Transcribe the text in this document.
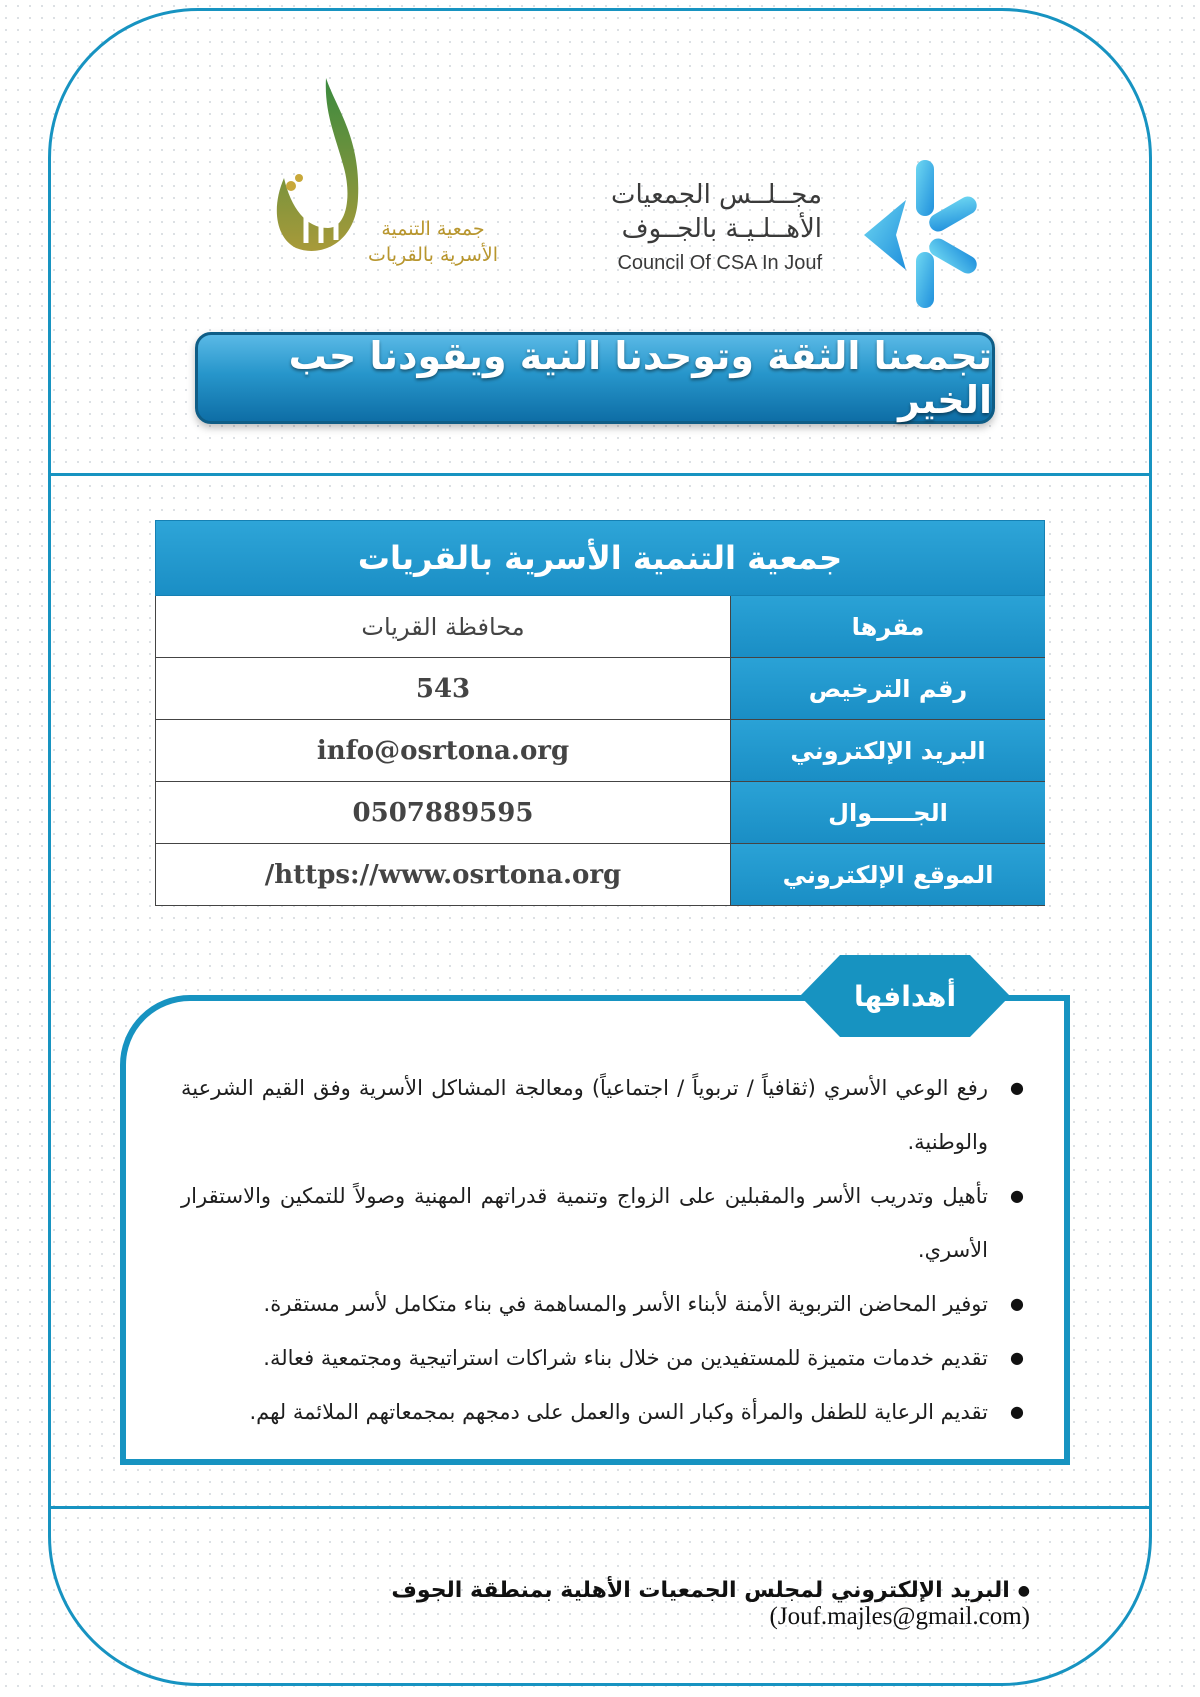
جمعية التنمية
الأسرية بالقريات
مجــلــس الجمعيات
الأهــلـيـة بالجــوف
Council Of CSA In Jouf
تجمعنا الثقة وتوحدنا النية ويقودنا حب الخير
جمعية التنمية الأسرية بالقريات
محافظة القريات	مقرها
543	رقم الترخيص
info@osrtona.org	البريد الإلكتروني
0507889595	الجـــــوال
https://www.osrtona.org/	الموقع الإلكتروني
● رفع الوعي الأسري (ثقافياً / تربوياً / اجتماعياً) ومعالجة المشاكل الأسرية وفق القيم الشرعية والوطنية.
● تأهيل وتدريب الأسر والمقبلين على الزواج وتنمية قدراتهم المهنية وصولاً للتمكين والاستقرار الأسري.
● توفير المحاضن التربوية الأمنة لأبناء الأسر والمساهمة في بناء متكامل لأسر مستقرة.
● تقديم خدمات متميزة للمستفيدين من خلال بناء شراكات استراتيجية ومجتمعية فعالة.
● تقديم الرعاية للطفل والمرأة وكبار السن والعمل على دمجهم بمجمعاتهم الملائمة لهم.
أهدافها
●البريد الإلكتروني لمجلس الجمعيات الأهلية بمنطقة الجوف (Jouf.majles@gmail.com)
